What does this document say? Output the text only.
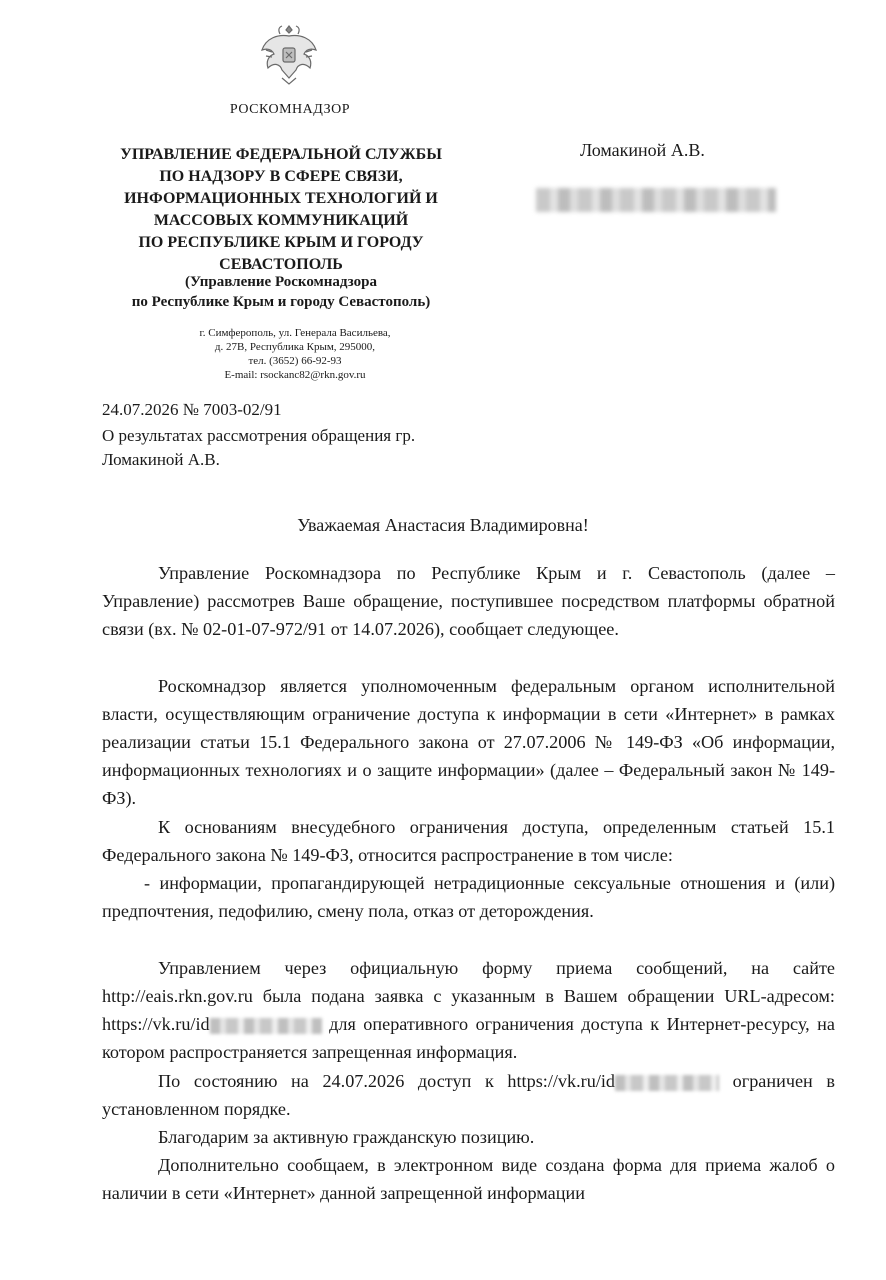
РОСКОМНАДЗОР
УПРАВЛЕНИЕ ФЕДЕРАЛЬНОЙ СЛУЖБЫ
ПО НАДЗОРУ В СФЕРЕ СВЯЗИ,
ИНФОРМАЦИОННЫХ ТЕХНОЛОГИЙ И
МАССОВЫХ КОММУНИКАЦИЙ
ПО РЕСПУБЛИКЕ КРЫМ И ГОРОДУ
СЕВАСТОПОЛЬ
(Управление Роскомнадзора
по Республике Крым и городу Севастополь)
г. Симферополь, ул. Генерала Васильева,
д. 27В, Республика Крым, 295000,
тел. (3652) 66-92-93
E-mail: rsockanc82@rkn.gov.ru
Ломакиной А.В.
24.07.2026 № 7003-02/91
О результатах рассмотрения обращения гр.
Ломакиной А.В.
Уважаемая Анастасия Владимировна!
Управление Роскомнадзора по Республике Крым и г. Севастополь (далее – Управление) рассмотрев Ваше обращение, поступившее посредством платформы обратной связи (вх. № 02-01-07-972/91 от 14.07.2026), сообщает следующее.
Роскомнадзор является уполномоченным федеральным органом исполнительной власти, осуществляющим ограничение доступа к информации в сети «Интернет» в рамках реализации статьи 15.1 Федерального закона от 27.07.2006 № 149-ФЗ «Об информации, информационных технологиях и о защите информации» (далее – Федеральный закон № 149-ФЗ).
К основаниям внесудебного ограничения доступа, определенным статьей 15.1 Федерального закона № 149-ФЗ, относится распространение в том числе:
- информации, пропагандирующей нетрадиционные сексуальные отношения и (или) предпочтения, педофилию, смену пола, отказ от деторождения.
Управлением через официальную форму приема сообщений, на сайте http://eais.rkn.gov.ru была подана заявка с указанным в Вашем обращении URL-адресом: https://vk.ru/id	для оперативного ограничения доступа к Интернет-ресурсу, на котором распространяется запрещенная информация.
По состоянию на 24.07.2026 доступ к https://vk.ru/id	ограничен в установленном порядке.
Благодарим за активную гражданскую позицию.
Дополнительно сообщаем, в электронном виде создана форма для приема жалоб о наличии в сети «Интернет» данной запрещенной информации
